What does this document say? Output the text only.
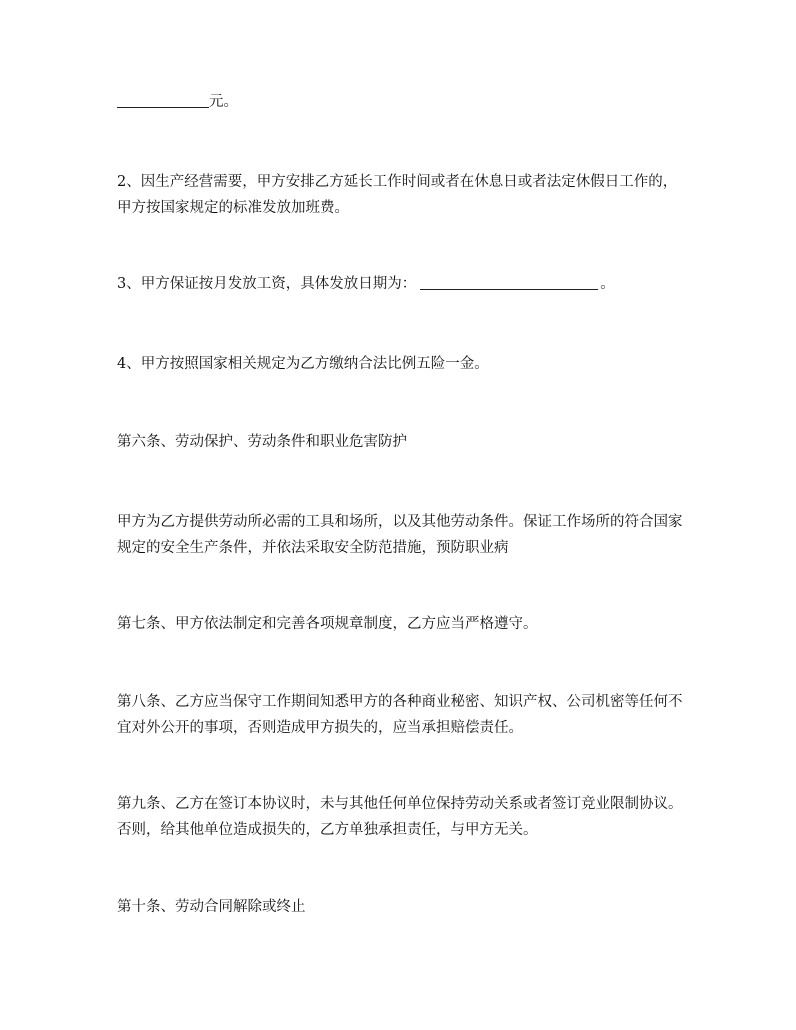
元。

2、因生产经营需要，甲方安排乙方延长工作时间或者在休息日或者法定休假日工作的，甲方按国家规定的标准发放加班费。

3、甲方保证按月发放工资，具体发放日期为：	。

4、甲方按照国家相关规定为乙方缴纳合法比例五险一金。

第六条、劳动保护、劳动条件和职业危害防护

甲方为乙方提供劳动所必需的工具和场所，以及其他劳动条件。保证工作场所的符合国家规定的安全生产条件，并依法采取安全防范措施，预防职业病

第七条、甲方依法制定和完善各项规章制度，乙方应当严格遵守。

第八条、乙方应当保守工作期间知悉甲方的各种商业秘密、知识产权、公司机密等任何不宜对外公开的事项，否则造成甲方损失的，应当承担赔偿责任。

第九条、乙方在签订本协议时，未与其他任何单位保持劳动关系或者签订竞业限制协议。否则，给其他单位造成损失的，乙方单独承担责任，与甲方无关。

第十条、劳动合同解除或终止
